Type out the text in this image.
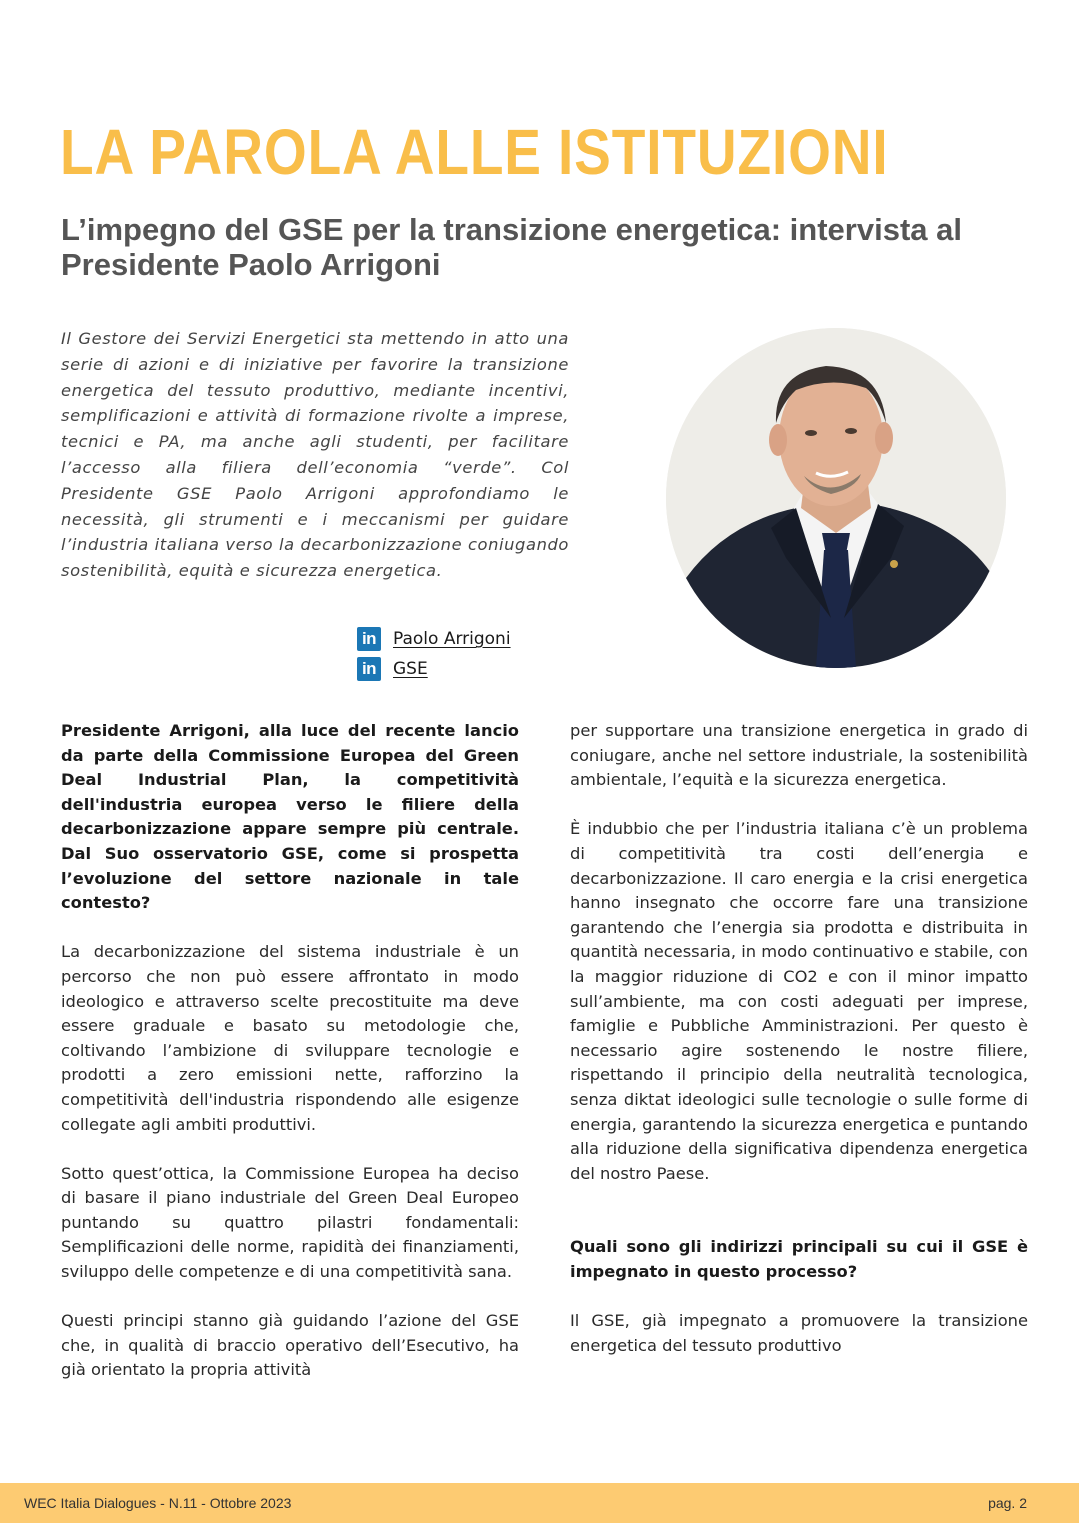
LA PAROLA ALLE ISTITUZIONI
L’impegno del GSE per la transizione energetica: intervista al Presidente Paolo Arrigoni

Il Gestore dei Servizi Energetici sta mettendo in atto una serie di azioni e di iniziative per favorire la transizione energetica del tessuto produttivo, mediante incentivi, semplificazioni e attività di formazione rivolte a imprese, tecnici e PA, ma anche agli studenti, per facilitare l’accesso alla filiera dell’economia “verde”. Col Presidente GSE Paolo Arrigoni approfondiamo le necessità, gli strumenti e i meccanismi per guidare l’industria italiana verso la decarbonizzazione coniugando sostenibilità, equità e sicurezza energetica.

in Paolo Arrigoni
in GSE

Presidente Arrigoni, alla luce del recente lancio da parte della Commissione Europea del Green Deal Industrial Plan, la competitività dell'industria europea verso le filiere della decarbonizzazione appare sempre più centrale. Dal Suo osservatorio GSE, come si prospetta l’evoluzione del settore nazionale in tale contesto?

La decarbonizzazione del sistema industriale è un percorso che non può essere affrontato in modo ideologico e attraverso scelte precostituite ma deve essere graduale e basato su metodologie che, coltivando l’ambizione di sviluppare tecnologie e prodotti a zero emissioni nette, rafforzino la competitività dell'industria rispondendo alle esigenze collegate agli ambiti produttivi.

Sotto quest’ottica, la Commissione Europea ha deciso di basare il piano industriale del Green Deal Europeo puntando su quattro pilastri fondamentali: Semplificazioni delle norme, rapidità dei finanziamenti, sviluppo delle competenze e di una competitività sana.

Questi principi stanno già guidando l’azione del GSE che, in qualità di braccio operativo dell’Esecutivo, ha già orientato la propria attività

per supportare una transizione energetica in grado di coniugare, anche nel settore industriale, la sostenibilità ambientale, l’equità e la sicurezza energetica.

È indubbio che per l’industria italiana c’è un problema di competitività tra costi dell’energia e decarbonizzazione. Il caro energia e la crisi energetica hanno insegnato che occorre fare una transizione garantendo che l’energia sia prodotta e distribuita in quantità necessaria, in modo continuativo e stabile, con la maggior riduzione di CO2 e con il minor impatto sull’ambiente, ma con costi adeguati per imprese, famiglie e Pubbliche Amministrazioni. Per questo è necessario agire sostenendo le nostre filiere, rispettando il principio della neutralità tecnologica, senza diktat ideologici sulle tecnologie o sulle forme di energia, garantendo la sicurezza energetica e puntando alla riduzione della significativa dipendenza energetica del nostro Paese.

Quali sono gli indirizzi principali su cui il GSE è impegnato in questo processo?

Il GSE, già impegnato a promuovere la transizione energetica del tessuto produttivo

WEC Italia Dialogues - N.11 - Ottobre 2023	pag. 2
